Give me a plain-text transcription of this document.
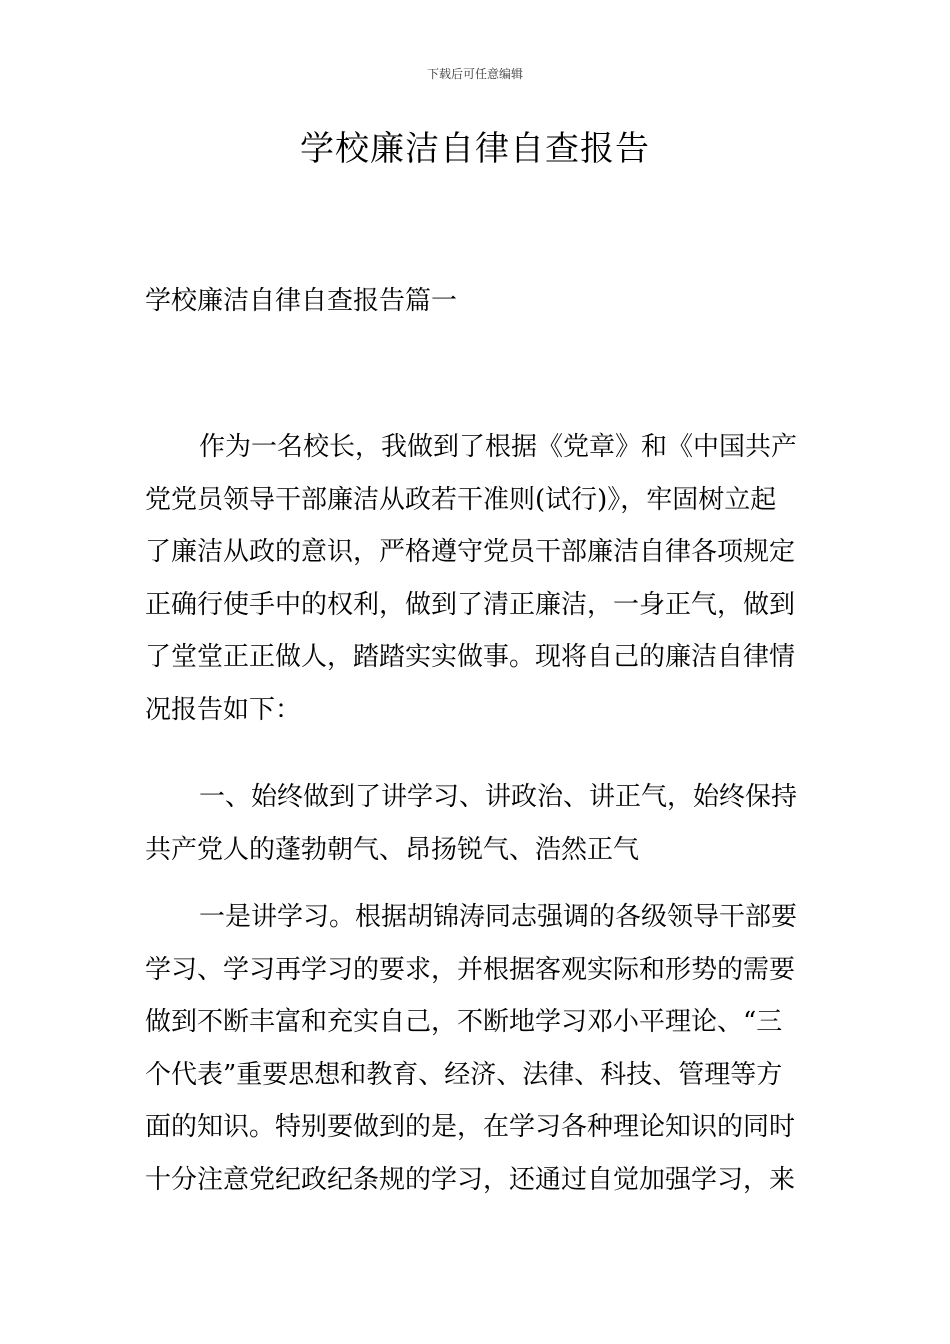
下载后可任意编辑
学校廉洁自律自查报告
学校廉洁自律自查报告篇一
作为一名校长，我做到了根据《党章》和《中国共产
党党员领导干部廉洁从政若干准则(试行)》，牢固树立起
了廉洁从政的意识，严格遵守党员干部廉洁自律各项规定
正确行使手中的权利，做到了清正廉洁，一身正气，做到
了堂堂正正做人，踏踏实实做事。现将自己的廉洁自律情
况报告如下：
一、始终做到了讲学习、讲政治、讲正气，始终保持
共产党人的蓬勃朝气、昂扬锐气、浩然正气
一是讲学习。根据胡锦涛同志强调的各级领导干部要
学习、学习再学习的要求，并根据客观实际和形势的需要
做到不断丰富和充实自己，不断地学习邓小平理论、“三
个代表”重要思想和教育、经济、法律、科技、管理等方
面的知识。特别要做到的是，在学习各种理论知识的同时
十分注意党纪政纪条规的学习，还通过自觉加强学习，来
